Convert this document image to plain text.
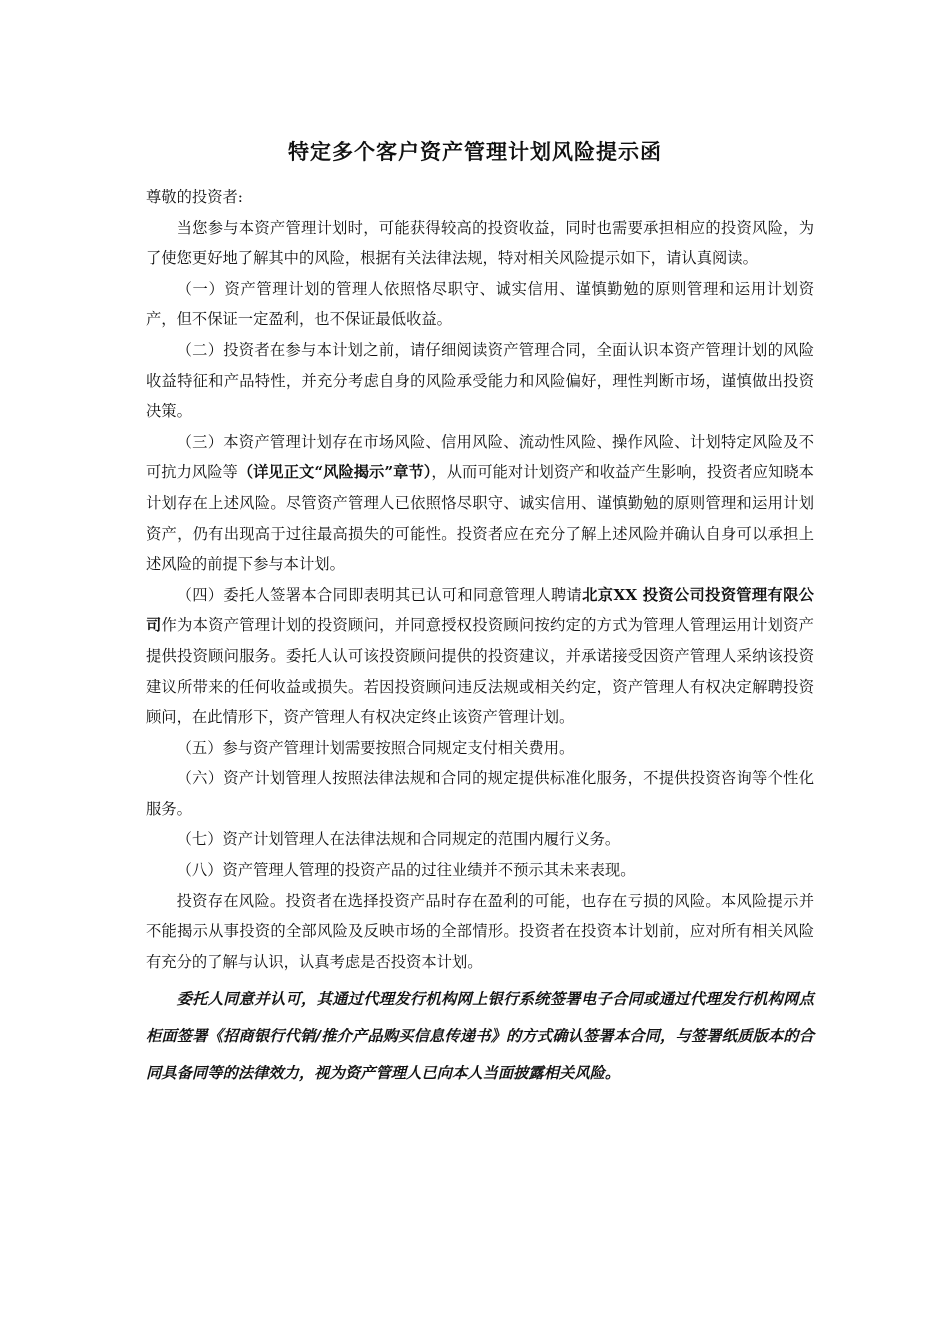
特定多个客户资产管理计划风险提示函

尊敬的投资者:

当您参与本资产管理计划时，可能获得较高的投资收益，同时也需要承担相应的投资风险，为了使您更好地了解其中的风险，根据有关法律法规，特对相关风险提示如下，请认真阅读。

（一）资产管理计划的管理人依照恪尽职守、诚实信用、谨慎勤勉的原则管理和运用计划资产，但不保证一定盈利，也不保证最低收益。

（二）投资者在参与本计划之前，请仔细阅读资产管理合同，全面认识本资产管理计划的风险收益特征和产品特性，并充分考虑自身的风险承受能力和风险偏好，理性判断市场，谨慎做出投资决策。

（三）本资产管理计划存在市场风险、信用风险、流动性风险、操作风险、计划特定风险及不可抗力风险等（详见正文“风险揭示”章节），从而可能对计划资产和收益产生影响，投资者应知晓本计划存在上述风险。尽管资产管理人已依照恪尽职守、诚实信用、谨慎勤勉的原则管理和运用计划资产，仍有出现高于过往最高损失的可能性。投资者应在充分了解上述风险并确认自身可以承担上述风险的前提下参与本计划。

（四）委托人签署本合同即表明其已认可和同意管理人聘请北京XX 投资公司投资管理有限公司作为本资产管理计划的投资顾问，并同意授权投资顾问按约定的方式为管理人管理运用计划资产提供投资顾问服务。委托人认可该投资顾问提供的投资建议，并承诺接受因资产管理人采纳该投资建议所带来的任何收益或损失。若因投资顾问违反法规或相关约定，资产管理人有权决定解聘投资顾问，在此情形下，资产管理人有权决定终止该资产管理计划。

（五）参与资产管理计划需要按照合同规定支付相关费用。

（六）资产计划管理人按照法律法规和合同的规定提供标准化服务，不提供投资咨询等个性化服务。

（七）资产计划管理人在法律法规和合同规定的范围内履行义务。

（八）资产管理人管理的投资产品的过往业绩并不预示其未来表现。

投资存在风险。投资者在选择投资产品时存在盈利的可能，也存在亏损的风险。本风险提示并不能揭示从事投资的全部风险及反映市场的全部情形。投资者在投资本计划前，应对所有相关风险有充分的了解与认识，认真考虑是否投资本计划。

委托人同意并认可，其通过代理发行机构网上银行系统签署电子合同或通过代理发行机构网点柜面签署《招商银行代销/推介产品购买信息传递书》的方式确认签署本合同，与签署纸质版本的合同具备同等的法律效力，视为资产管理人已向本人当面披露相关风险。
